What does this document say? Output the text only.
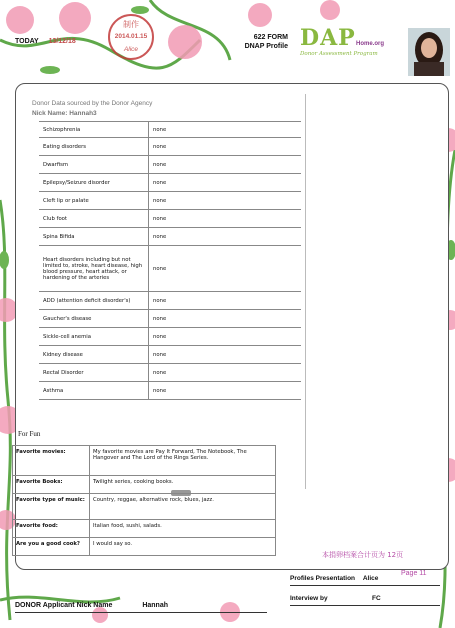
TODAY 13/12/18
制作
2014.01.15
Alice
622 FORM
DNAP Profile DAP Home.org
Donor Assessment Program
Donor Data sourced by the Donor Agency
Nick Name: Hannah3
Schizophrenia	none
Eating disorders	none
Dwarfism	none
Epilepsy/Seizure disorder	none
Cleft lip or palate	none
Club foot	none
Spina Bifida	none
Heart disorders including but not limited to, stroke, heart disease, high blood pressure, heart attack, or hardening of the arteries	none
ADD (attention deficit disorder's)	none
Gaucher's disease	none
Sickle-cell anemia	none
Kidney disease	none
Rectal Disorder	none
Asthma	none
For Fun
Favorite movies:	My favorite movies are Pay It Forward, The Notebook, The Hangover and The Lord of the Rings Series.
Favorite Books:	Twilight series, cooking books.
Favorite type of music:	Country, reggae, alternative rock, blues, jazz.
Favorite food:	Italian food, sushi, salads.
Are you a good cook?	I would say so.
本捐卵档案合计页为 12页
Page 11
Profiles Presentation Alice
Interview by	FC
DONOR Applicant Nick Name	Hannah
